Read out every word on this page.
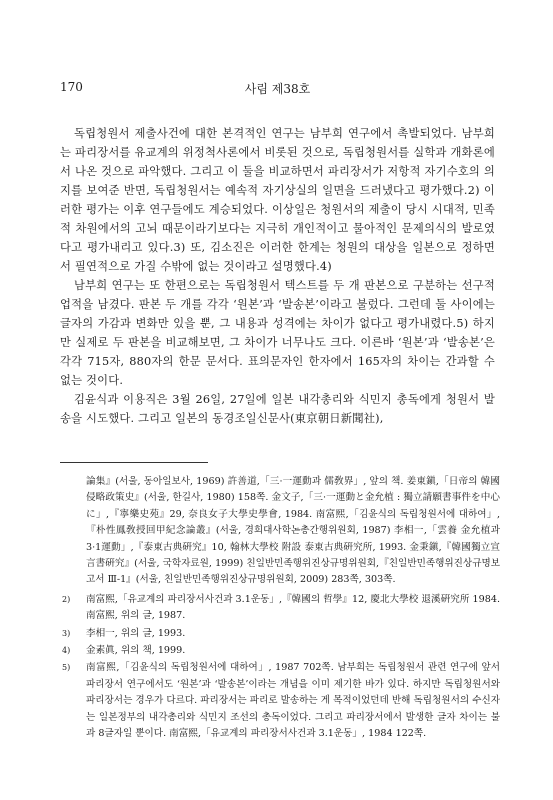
170	사림 제38호

독립청원서 제출사건에 대한 본격적인 연구는 남부희 연구에서 촉발되었다. 남부희는 파리장서를 유교계의 위정척사론에서 비롯된 것으로, 독립청원서를 실학과 개화론에서 나온 것으로 파악했다. 그리고 이 둘을 비교하면서 파리장서가 저항적 자기수호의 의지를 보여준 반면, 독립청원서는 예속적 자기상실의 일면을 드러냈다고 평가했다.2) 이러한 평가는 이후 연구들에도 계승되었다. 이상일은 청원서의 제출이 당시 시대적, 민족적 차원에서의 고뇌 때문이라기보다는 지극히 개인적이고 물아적인 문제의식의 발로였다고 평가내리고 있다.3) 또, 김소진은 이러한 한계는 청원의 대상을 일본으로 정하면서 필연적으로 가질 수밖에 없는 것이라고 설명했다.4)

남부희 연구는 또 한편으로는 독립청원서 텍스트를 두 개 판본으로 구분하는 선구적 업적을 남겼다. 판본 두 개를 각각 ‘원본’과 ‘발송본’이라고 불렀다. 그런데 둘 사이에는 글자의 가감과 변화만 있을 뿐, 그 내용과 성격에는 차이가 없다고 평가내렸다.5) 하지만 실제로 두 판본을 비교해보면, 그 차이가 너무나도 크다. 이른바 ‘원본’과 ‘발송본’은 각각 715자, 880자의 한문 문서다. 표의문자인 한자에서 165자의 차이는 간과할 수 없는 것이다.

김윤식과 이용직은 3월 26일, 27일에 일본 내각총리와 식민지 총독에게 청원서 발송을 시도했다. 그리고 일본의 동경조일신문사(東京朝日新聞社),

論集』(서울, 동아일보사, 1969) 許善道,「三·一運動과 儒敎界」, 앞의 책. 姜東鎭,「日帝의 韓國侵略政策史』(서울, 한길사, 1980) 158쪽. 金文子,「三·一運動と金允植 : 獨立請願書事件を中心に」,『寧樂史苑』29, 奈良女子大學史學會, 1984. 南富熙,「김윤식의 독립청원서에 대하여」,『朴性鳳敎授回甲紀念論叢』(서울, 경희대사학논총간행위원회, 1987) 李相一,「雲養 金允植과 3·1運動」,『泰東古典硏究』10, 翰林大學校 附設 泰東古典硏究所, 1993. 金秉鎭,『韓國獨立宣言書硏究』(서울, 국학자료원, 1999) 친일반민족행위진상규명위원회,『친일반민족행위진상규명보고서 Ⅲ-1』(서울, 친일반민족행위진상규명위원회, 2009) 283쪽, 303쪽.

2) 南富熙,「유교계의 파리장서사건과 3.1운동」,『韓國의 哲學』12, 慶北大學校 退溪硏究所 1984. 南富熙, 위의 글, 1987.

3) 李相一, 위의 글, 1993.

4) 金素眞, 위의 책, 1999.

5) 南富熙,「김윤식의 독립청원서에 대하여」, 1987 702쪽. 남부희는 독립청원서 관련 연구에 앞서 파리장서 연구에서도 ‘원본’과 ‘발송본’이라는 개념을 이미 제기한 바가 있다. 하지만 독립청원서와 파리장서는 경우가 다르다. 파리장서는 파리로 발송하는 게 목적이었던데 반해 독립청원서의 수신자는 일본정부의 내각총리와 식민지 조선의 총독이었다. 그리고 파리장서에서 발생한 글자 차이는 불과 8글자일 뿐이다. 南富熙,「유교계의 파리장서사건과 3.1운동」, 1984 122쪽.
